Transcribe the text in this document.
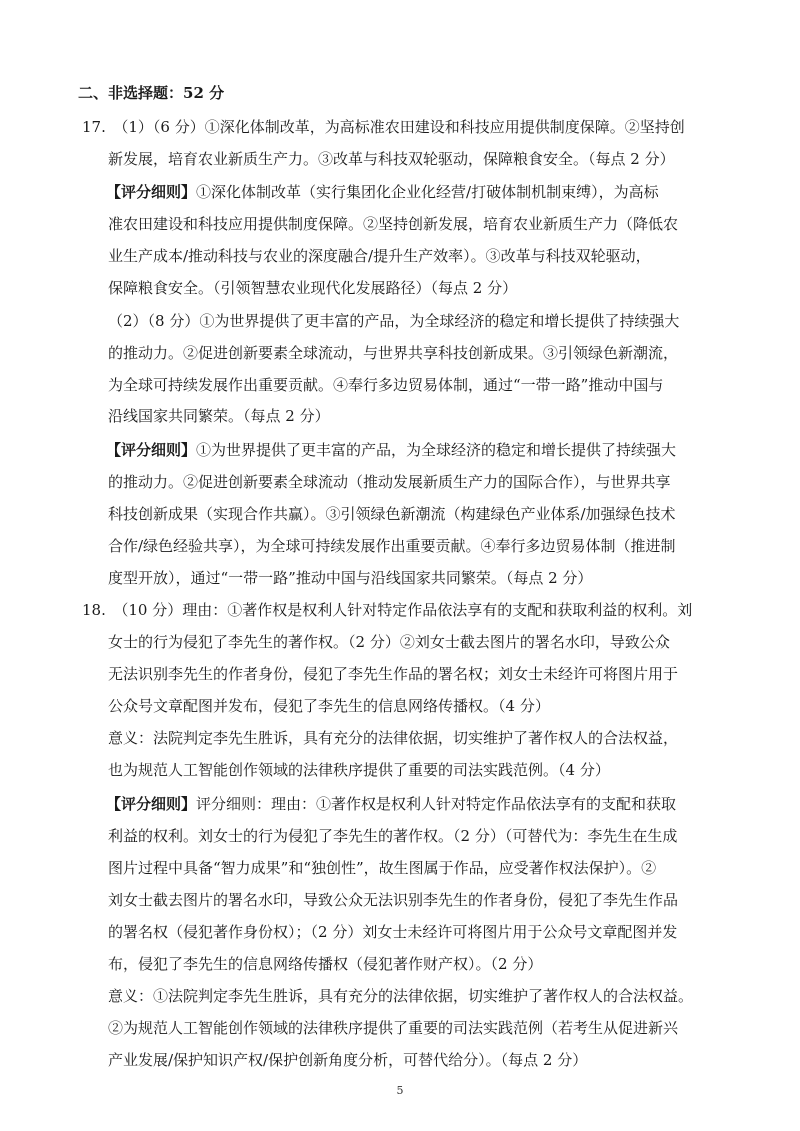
二、非选择题：52 分
17.　（1）（6 分）①深化体制改革，为高标准农田建设和科技应用提供制度保障。②坚持创
新发展，培育农业新质生产力。③改革与科技双轮驱动，保障粮食安全。（每点 2 分）
【评分细则】①深化体制改革（实行集团化企业化经营/打破体制机制束缚），为高标
准农田建设和科技应用提供制度保障。②坚持创新发展，培育农业新质生产力（降低农
业生产成本/推动科技与农业的深度融合/提升生产效率）。③改革与科技双轮驱动，
保障粮食安全。（引领智慧农业现代化发展路径）（每点 2 分）
（2）（8 分）①为世界提供了更丰富的产品，为全球经济的稳定和增长提供了持续强大
的推动力。②促进创新要素全球流动，与世界共享科技创新成果。③引领绿色新潮流，
为全球可持续发展作出重要贡献。④奉行多边贸易体制，通过“一带一路”推动中国与
沿线国家共同繁荣。（每点 2 分）
【评分细则】①为世界提供了更丰富的产品，为全球经济的稳定和增长提供了持续强大
的推动力。②促进创新要素全球流动（推动发展新质生产力的国际合作），与世界共享
科技创新成果（实现合作共赢）。③引领绿色新潮流（构建绿色产业体系/加强绿色技术
合作/绿色经验共享），为全球可持续发展作出重要贡献。④奉行多边贸易体制（推进制
度型开放），通过“一带一路”推动中国与沿线国家共同繁荣。（每点 2 分）
18.　（10 分）理由：①著作权是权利人针对特定作品依法享有的支配和获取利益的权利。刘
女士的行为侵犯了李先生的著作权。（2 分）②刘女士截去图片的署名水印，导致公众
无法识别李先生的作者身份，侵犯了李先生作品的署名权；刘女士未经许可将图片用于
公众号文章配图并发布，侵犯了李先生的信息网络传播权。（4 分）
意义：法院判定李先生胜诉，具有充分的法律依据，切实维护了著作权人的合法权益，
也为规范人工智能创作领域的法律秩序提供了重要的司法实践范例。（4 分）
【评分细则】评分细则：理由：①著作权是权利人针对特定作品依法享有的支配和获取
利益的权利。刘女士的行为侵犯了李先生的著作权。（2 分）（可替代为：李先生在生成
图片过程中具备“智力成果”和“独创性”，故生图属于作品，应受著作权法保护）。②
刘女士截去图片的署名水印，导致公众无法识别李先生的作者身份，侵犯了李先生作品
的署名权（侵犯著作身份权）；（2 分）刘女士未经许可将图片用于公众号文章配图并发
布，侵犯了李先生的信息网络传播权（侵犯著作财产权）。（2 分）
意义：①法院判定李先生胜诉，具有充分的法律依据，切实维护了著作权人的合法权益。
②为规范人工智能创作领域的法律秩序提供了重要的司法实践范例（若考生从促进新兴
产业发展/保护知识产权/保护创新角度分析，可替代给分）。（每点 2 分）
5
